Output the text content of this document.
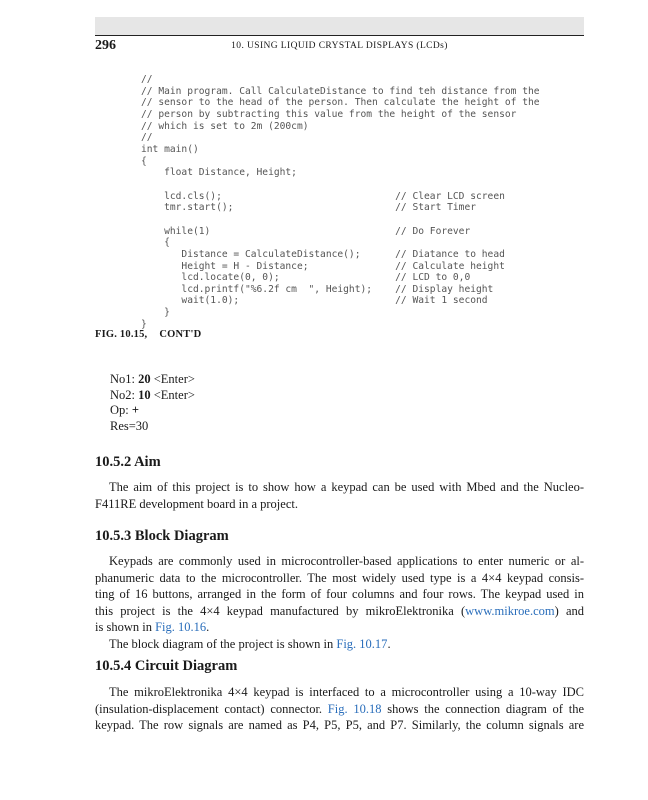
296	10. USING LIQUID CRYSTAL DISPLAYS (LCDs)
//
// Main program. Call CalculateDistance to find teh distance from the
// sensor to the head of the person. Then calculate the height of the
// person by subtracting this value from the height of the sensor
// which is set to 2m (200cm)
//
int main()
{
float Distance, Height;
lcd.cls();                              // Clear LCD screen
tmr.start();                            // Start Timer
while(1)                                // Do Forever
{
Distance = CalculateDistance();      // Diatance to head
Height = H - Distance;               // Calculate height
lcd.locate(0, 0);                    // LCD to 0,0
lcd.printf("%6.2f cm  ", Height);    // Display height
wait(1.0);                           // Wait 1 second
}
}
FIG. 10.15, CONT'D
No1: 20 <Enter>
No2: 10 <Enter>
Op: +
Res=30
10.5.2 Aim
The aim of this project is to show how a keypad can be used with Mbed and the Nucleo-
F411RE development board in a project.
10.5.3 Block Diagram
Keypads are commonly used in microcontroller-based applications to enter numeric or al-
phanumeric data to the microcontroller. The most widely used type is a 4×4 keypad consis-
ting of 16 buttons, arranged in the form of four columns and four rows. The keypad used in
this project is the 4×4 keypad manufactured by mikroElektronika (www.mikroe.com) and
is shown in Fig. 10.16.
The block diagram of the project is shown in Fig. 10.17.
10.5.4 Circuit Diagram
The mikroElektronika 4×4 keypad is interfaced to a microcontroller using a 10-way IDC
(insulation-displacement contact) connector. Fig. 10.18 shows the connection diagram of the
keypad. The row signals are named as P4, P5, P5, and P7. Similarly, the column signals are
